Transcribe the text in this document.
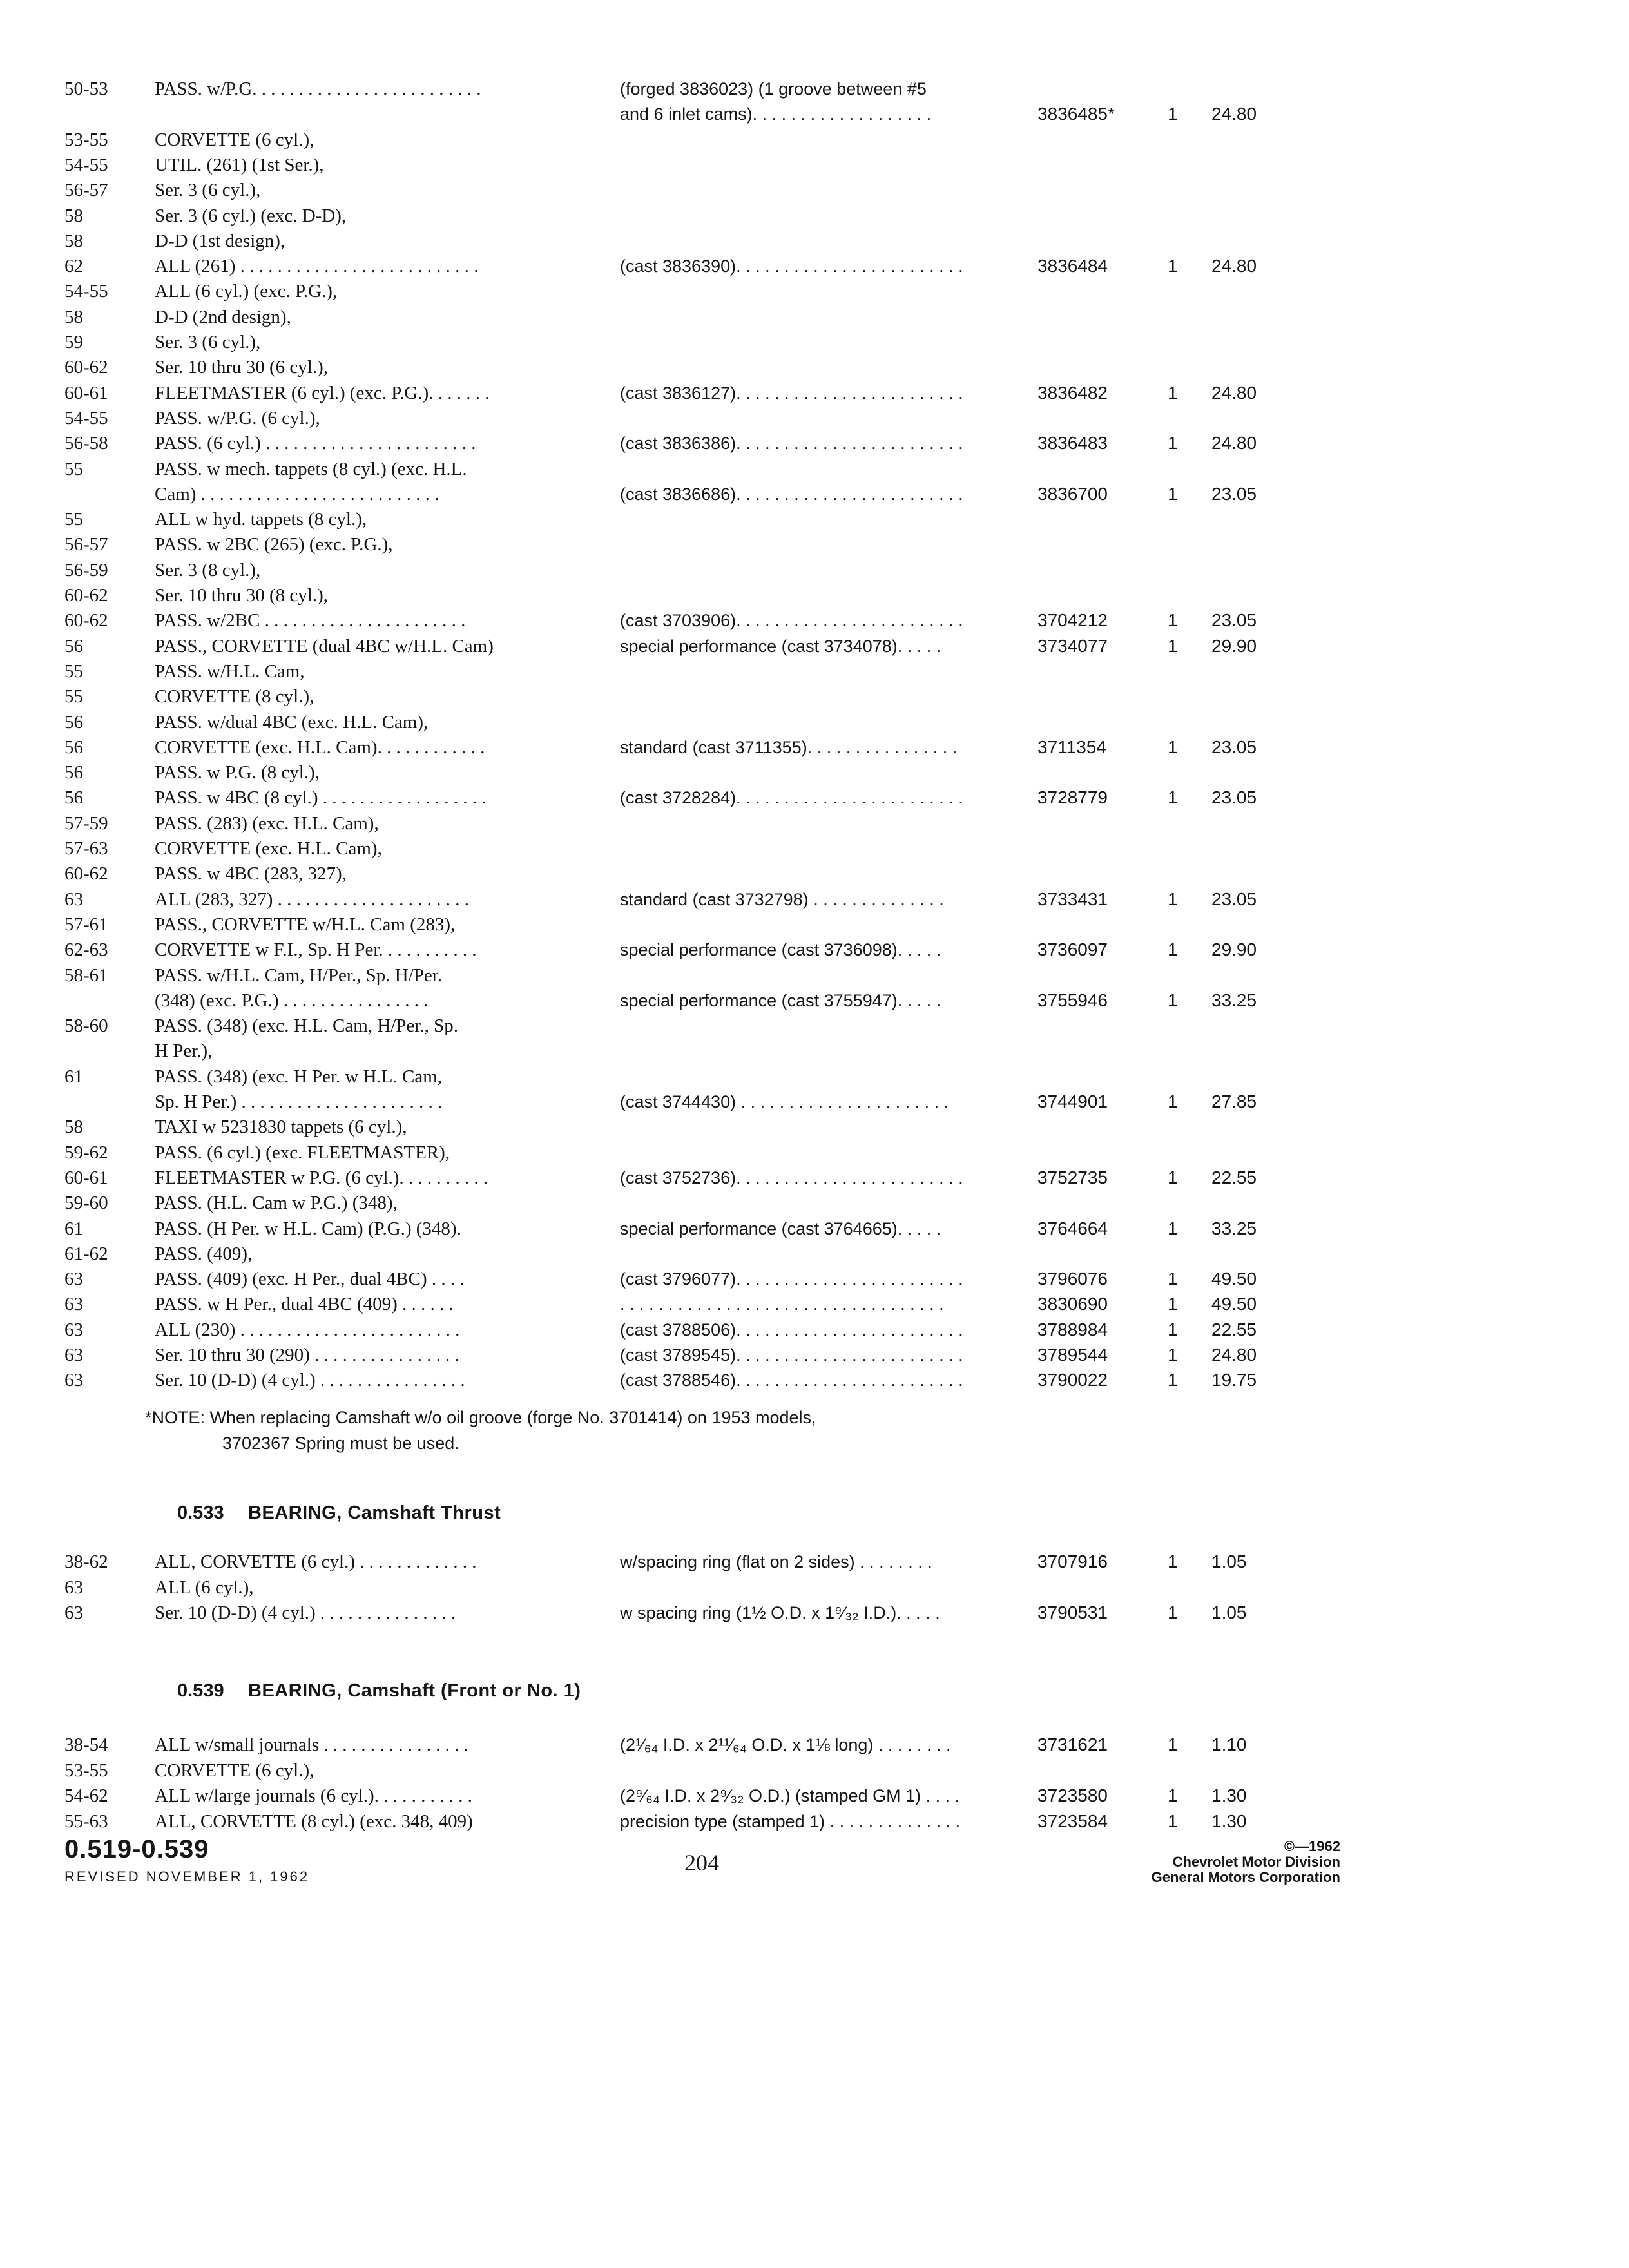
50-53	PASS. w/P.G. . . . . . . . . . . . . . . . . . . . . . . . .	(forged 3836023) (1 groove between #5
and 6 inlet cams). . . . . . . . . . . . . . . . . . .	3836485*	1	24.80
53-55	CORVETTE (6 cyl.),
54-55	UTIL. (261) (1st Ser.),
56-57	Ser. 3 (6 cyl.),
58	Ser. 3 (6 cyl.) (exc. D-D),
58	D-D (1st design),
62	ALL (261) . . . . . . . . . . . . . . . . . . . . . . . . . .	(cast 3836390). . . . . . . . . . . . . . . . . . . . . . . .	3836484	1	24.80
54-55	ALL (6 cyl.) (exc. P.G.),
58	D-D (2nd design),
59	Ser. 3 (6 cyl.),
60-62	Ser. 10 thru 30 (6 cyl.),
60-61	FLEETMASTER (6 cyl.) (exc. P.G.). . . . . . .	(cast 3836127). . . . . . . . . . . . . . . . . . . . . . . .	3836482	1	24.80
54-55	PASS. w/P.G. (6 cyl.),
56-58	PASS. (6 cyl.) . . . . . . . . . . . . . . . . . . . . . . .	(cast 3836386). . . . . . . . . . . . . . . . . . . . . . . .	3836483	1	24.80
55	PASS. w mech. tappets (8 cyl.) (exc. H.L.
Cam) . . . . . . . . . . . . . . . . . . . . . . . . . .	(cast 3836686). . . . . . . . . . . . . . . . . . . . . . . .	3836700	1	23.05
55	ALL w hyd. tappets (8 cyl.),
56-57	PASS. w 2BC (265) (exc. P.G.),
56-59	Ser. 3 (8 cyl.),
60-62	Ser. 10 thru 30 (8 cyl.),
60-62	PASS. w/2BC . . . . . . . . . . . . . . . . . . . . . .	(cast 3703906). . . . . . . . . . . . . . . . . . . . . . . .	3704212	1	23.05
56	PASS., CORVETTE (dual 4BC w/H.L. Cam)	special performance (cast 3734078). . . . .	3734077	1	29.90
55	PASS. w/H.L. Cam,
55	CORVETTE (8 cyl.),
56	PASS. w/dual 4BC (exc. H.L. Cam),
56	CORVETTE (exc. H.L. Cam). . . . . . . . . . . .	standard (cast 3711355). . . . . . . . . . . . . . . .	3711354	1	23.05
56	PASS. w P.G. (8 cyl.),
56	PASS. w 4BC (8 cyl.) . . . . . . . . . . . . . . . . . .	(cast 3728284). . . . . . . . . . . . . . . . . . . . . . . .	3728779	1	23.05
57-59	PASS. (283) (exc. H.L. Cam),
57-63	CORVETTE (exc. H.L. Cam),
60-62	PASS. w 4BC (283, 327),
63	ALL (283, 327) . . . . . . . . . . . . . . . . . . . . .	standard (cast 3732798) . . . . . . . . . . . . . .	3733431	1	23.05
57-61	PASS., CORVETTE w/H.L. Cam (283),
62-63	CORVETTE w F.I., Sp. H Per. . . . . . . . . . .	special performance (cast 3736098). . . . .	3736097	1	29.90
58-61	PASS. w/H.L. Cam, H/Per., Sp. H/Per.
(348) (exc. P.G.) . . . . . . . . . . . . . . . .	special performance (cast 3755947). . . . .	3755946	1	33.25
58-60	PASS. (348) (exc. H.L. Cam, H/Per., Sp.
H Per.),
61	PASS. (348) (exc. H Per. w H.L. Cam,
Sp. H Per.) . . . . . . . . . . . . . . . . . . . . . .	(cast 3744430) . . . . . . . . . . . . . . . . . . . . . .	3744901	1	27.85
58	TAXI w 5231830 tappets (6 cyl.),
59-62	PASS. (6 cyl.) (exc. FLEETMASTER),
60-61	FLEETMASTER w P.G. (6 cyl.). . . . . . . . . .	(cast 3752736). . . . . . . . . . . . . . . . . . . . . . . .	3752735	1	22.55
59-60	PASS. (H.L. Cam w P.G.) (348),
61	PASS. (H Per. w H.L. Cam) (P.G.) (348).	special performance (cast 3764665). . . . .	3764664	1	33.25
61-62	PASS. (409),
63	PASS. (409) (exc. H Per., dual 4BC) . . . .	(cast 3796077). . . . . . . . . . . . . . . . . . . . . . . .	3796076	1	49.50
63	PASS. w H Per., dual 4BC (409) . . . . . .	. . . . . . . . . . . . . . . . . . . . . . . . . . . . . . . . . .	3830690	1	49.50
63	ALL (230) . . . . . . . . . . . . . . . . . . . . . . . .	(cast 3788506). . . . . . . . . . . . . . . . . . . . . . . .	3788984	1	22.55
63	Ser. 10 thru 30 (290) . . . . . . . . . . . . . . . .	(cast 3789545). . . . . . . . . . . . . . . . . . . . . . . .	3789544	1	24.80
63	Ser. 10 (D-D) (4 cyl.) . . . . . . . . . . . . . . . .	(cast 3788546). . . . . . . . . . . . . . . . . . . . . . . .	3790022	1	19.75
*NOTE: When replacing Camshaft w/o oil groove (forge No. 3701414) on 1953 models,
3702367 Spring must be used.
0.533 BEARING, Camshaft Thrust
38-62	ALL, CORVETTE (6 cyl.) . . . . . . . . . . . . .	w/spacing ring (flat on 2 sides) . . . . . . . .	3707916	1	1.05
63	ALL (6 cyl.),
63	Ser. 10 (D-D) (4 cyl.) . . . . . . . . . . . . . . .	w spacing ring (1½ O.D. x 1⁹⁄₃₂ I.D.). . . . .	3790531	1	1.05
0.539 BEARING, Camshaft (Front or No. 1)
38-54	ALL w/small journals . . . . . . . . . . . . . . . .	(2¹⁄₆₄ I.D. x 2¹¹⁄₆₄ O.D. x 1⅛ long) . . . . . . . .	3731621	1	1.10
53-55	CORVETTE (6 cyl.),
54-62	ALL w/large journals (6 cyl.). . . . . . . . . . .	(2⁹⁄₆₄ I.D. x 2⁹⁄₃₂ O.D.) (stamped GM 1) . . . .	3723580	1	1.30
55-63	ALL, CORVETTE (8 cyl.) (exc. 348, 409)	precision type (stamped 1) . . . . . . . . . . . . . .	3723584	1	1.30
0.519-0.539
REVISED NOVEMBER 1, 1962
204
©—1962
Chevrolet Motor Division
General Motors Corporation
